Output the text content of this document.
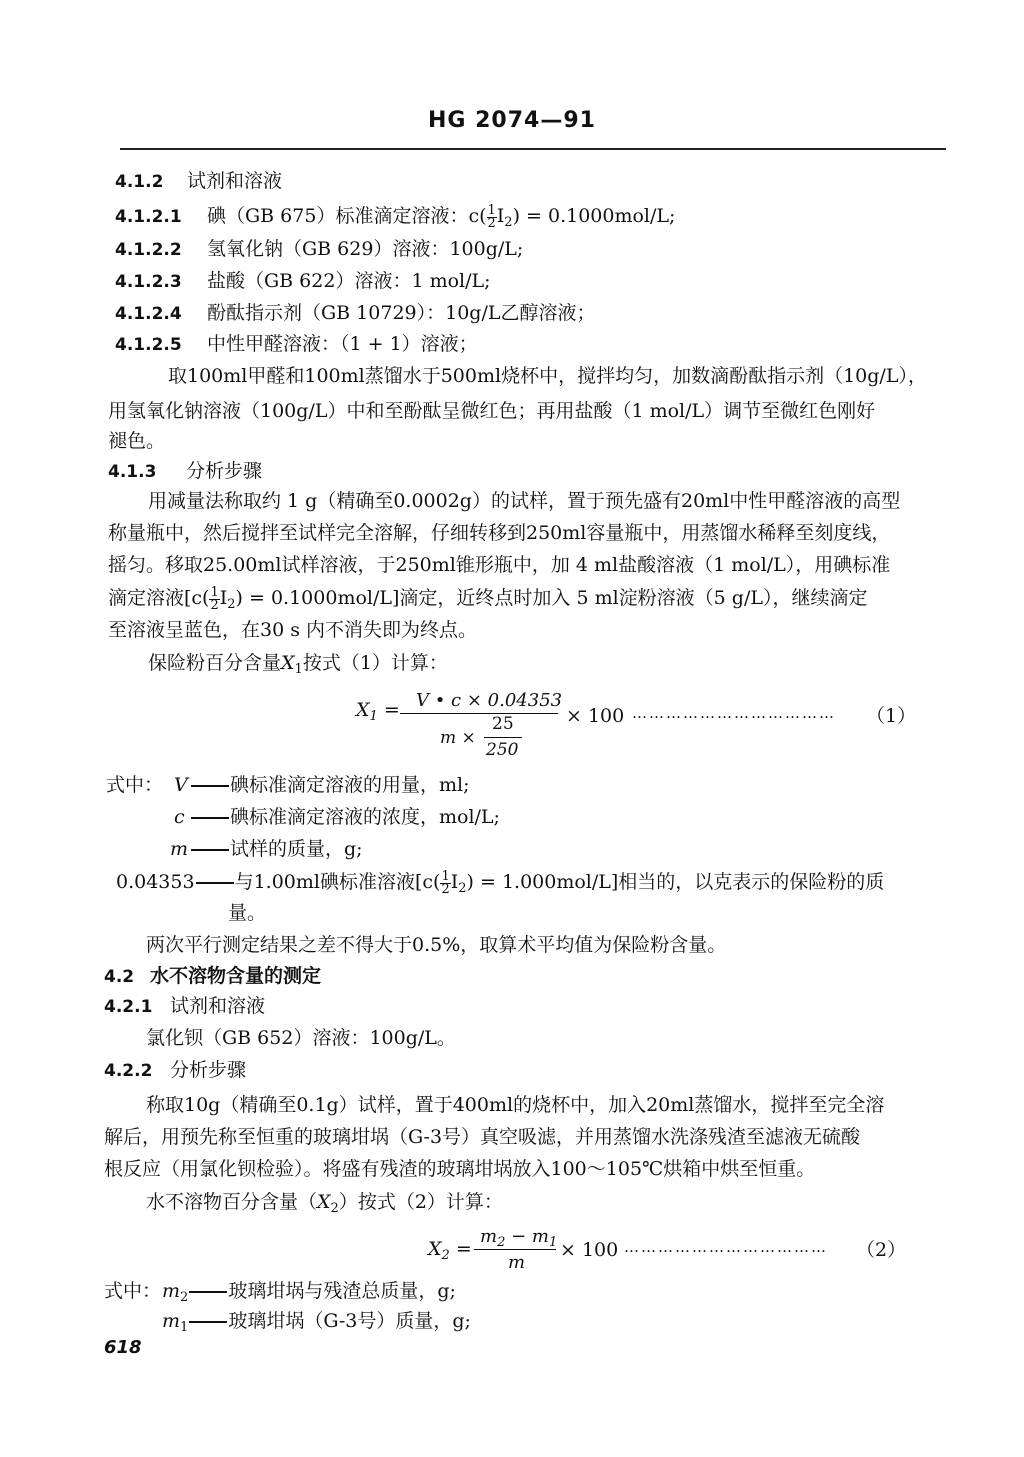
HG 2074—91
4.1.2 试剂和溶液
4.1.2.1 碘（GB 675）标准滴定溶液：$c( \frac{1}{2} I_2) = 0.1000mol/L$;
4.1.2.2 氢氧化钠（GB 629）溶液：100g/L;
4.1.2.3 盐酸（GB 622）溶液：1 mol/L;
4.1.2.4 酚酞指示剂（GB 10729）：10g/L乙醇溶液；
4.1.2.5 中性甲醛溶液：（1 + 1）溶液；
取100ml甲醛和100ml蒸馏水于500ml烧杯中，搅拌均匀，加数滴酚酞指示剂（10g/L），
用氢氧化钠溶液（100g/L）中和至酚酞呈微红色；再用盐酸（1 mol/L）调节至微红色刚好
褪色。
4.1.3 分析步骤
用减量法称取约 1 g（精确至0.0002g）的试样，置于预先盛有20ml中性甲醛溶液的高型
称量瓶中，然后搅拌至试样完全溶解，仔细转移到250ml容量瓶中，用蒸馏水稀释至刻度线，
摇匀。移取25.00ml试样溶液，于250ml锥形瓶中，加 4 ml盐酸溶液（1 mol/L），用碘标准
滴定溶液$[c( \frac{1}{2} I_2) = 0.1000mol/L]$滴定，近终点时加入 5 ml淀粉溶液（5 g/L），继续滴定
至溶液呈蓝色，在30 s 内不消失即为终点。
保险粉百分含量$X_1$按式（1）计算：
$X_1 = V$ • c × 0.04353
25
m ×
250
× 100 ……………………………… （1）
式中： V 碘标准滴定溶液的用量，ml;
c 碘标准滴定溶液的浓度，mol/L;
m 试样的质量，g;
0.04353 与1.00ml碘标准溶液$[c( \frac{1}{2} I_2) = 1.000mol/L]$相当的，以克表示的保险粉的质
量。
两次平行测定结果之差不得大于0.5%，取算术平均值为保险粉含量。
4.2 水不溶物含量的测定
4.2.1 试剂和溶液
氯化钡（GB 652）溶液：100g/L。
4.2.2 分析步骤
称取10g（精确至0.1g）试样，置于400ml的烧杯中，加入20ml蒸馏水，搅拌至完全溶
解后，用预先称至恒重的玻璃坩埚（G-3号）真空吸滤，并用蒸馏水洗涤残渣至滤液无硫酸
根反应（用氯化钡检验）。将盛有残渣的玻璃坩埚放入100～105℃烘箱中烘至恒重。
水不溶物百分含量$(X_2)$按式（2）计算：
$X_2$ =
$m_2 - m_1$
m
× 100 ……………………………… （2）
式中： $m_2$ 玻璃坩埚与残渣总质量，g;
$m_1$ 玻璃坩埚（G-3号）质量，g;
618
